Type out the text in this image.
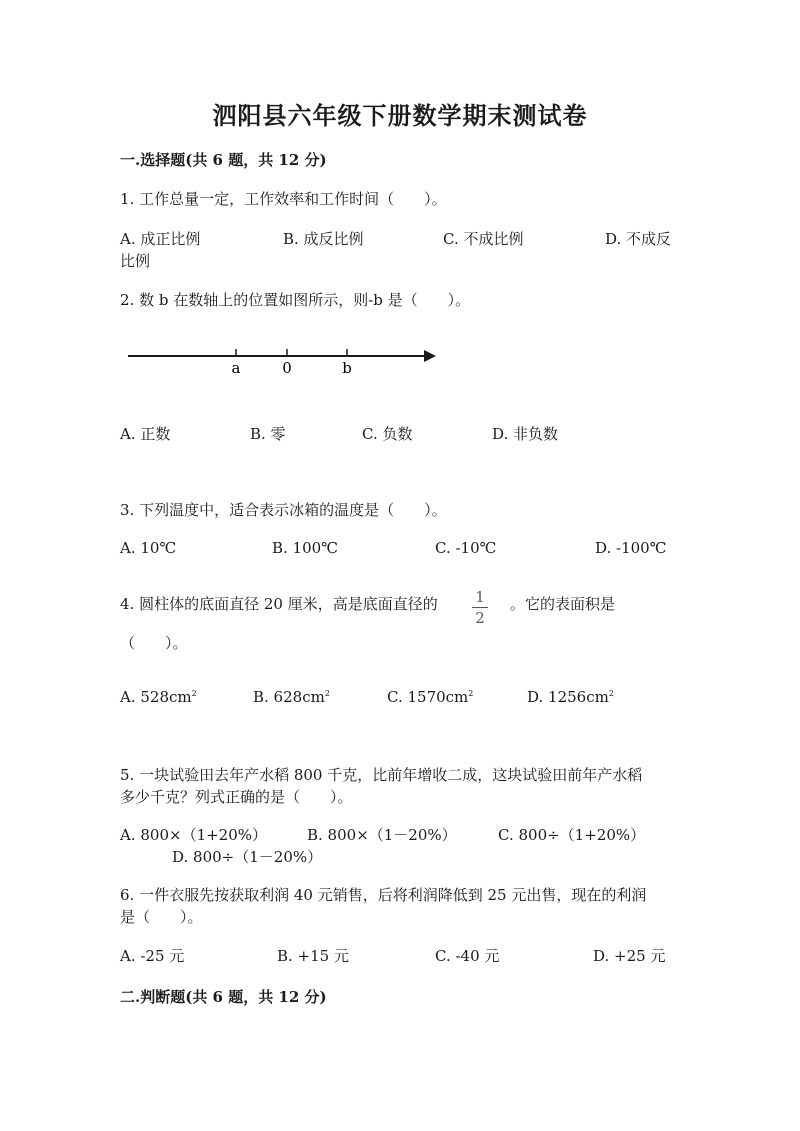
泗阳县六年级下册数学期末测试卷
一.选择题(共 6 题，共 12 分)
1. 工作总量一定，工作效率和工作时间（　　）。
A. 成正比例	B. 成反比例	C. 不成比例	D. 不成反
比例
2. 数 b 在数轴上的位置如图所示，则-b 是（　　）。
a	0	b
A. 正数	B. 零	C. 负数	D. 非负数
3. 下列温度中，适合表示冰箱的温度是（　　）。
A. 10℃	B. 100℃	C. -10℃	D. -100℃
4. 圆柱体的底面直径 20 厘米，高是底面直径的	1
2
。它的表面积是
（　　）。
A. $528cm^2$	B. $628cm^2$	C. $1570cm^2$	D. $1256cm^2$
5. 一块试验田去年产水稻 800 千克，比前年增收二成，这块试验田前年产水稻
多少千克？列式正确的是（　　）。
A. 800×（1+20%）	B. 800×（1－20%）	C. 800÷（1+20%）
D. 800÷（1－20%）
6. 一件衣服先按获取利润 40 元销售，后将利润降低到 25 元出售，现在的利润
是（　　）。
A. -25 元	B. +15 元	C. -40 元	D. +25 元
二.判断题(共 6 题，共 12 分)
